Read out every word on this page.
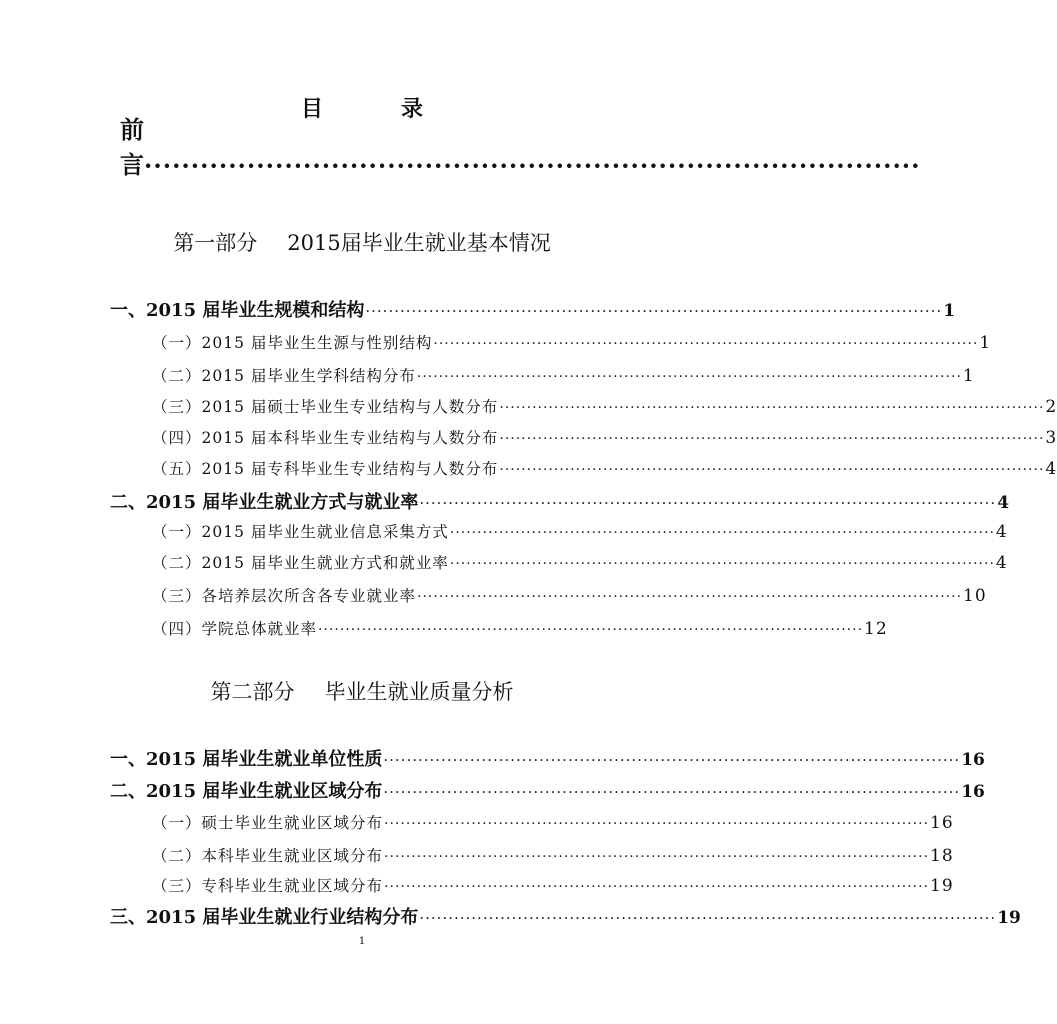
目　录
前言 ···················································································
第一部分 2015届毕业生就业基本情况
一、2015 届毕业生规模和结构 ···································································································· 1
（一）2015 届毕业生生源与性别结构 ···································································································· 1
（二）2015 届毕业生学科结构分布 ···································································································· 1
（三）2015 届硕士毕业生专业结构与人数分布 ···································································································· 2
（四）2015 届本科毕业生专业结构与人数分布 ···································································································· 3
（五）2015 届专科毕业生专业结构与人数分布 ···································································································· 4
二、2015 届毕业生就业方式与就业率 ···································································································· 4
（一）2015 届毕业生就业信息采集方式 ···································································································· 4
（二）2015 届毕业生就业方式和就业率 ···································································································· 4
（三）各培养层次所含各专业就业率 ···································································································· 10
（四）学院总体就业率 ···································································································· 12
第二部分 毕业生就业质量分析
一、2015 届毕业生就业单位性质 ···································································································· 16
二、2015 届毕业生就业区域分布 ···································································································· 16
（一）硕士毕业生就业区域分布 ···································································································· 16
（二）本科毕业生就业区域分布 ···································································································· 18
（三）专科毕业生就业区域分布 ···································································································· 19
三、2015 届毕业生就业行业结构分布 ···································································································· 19
1
